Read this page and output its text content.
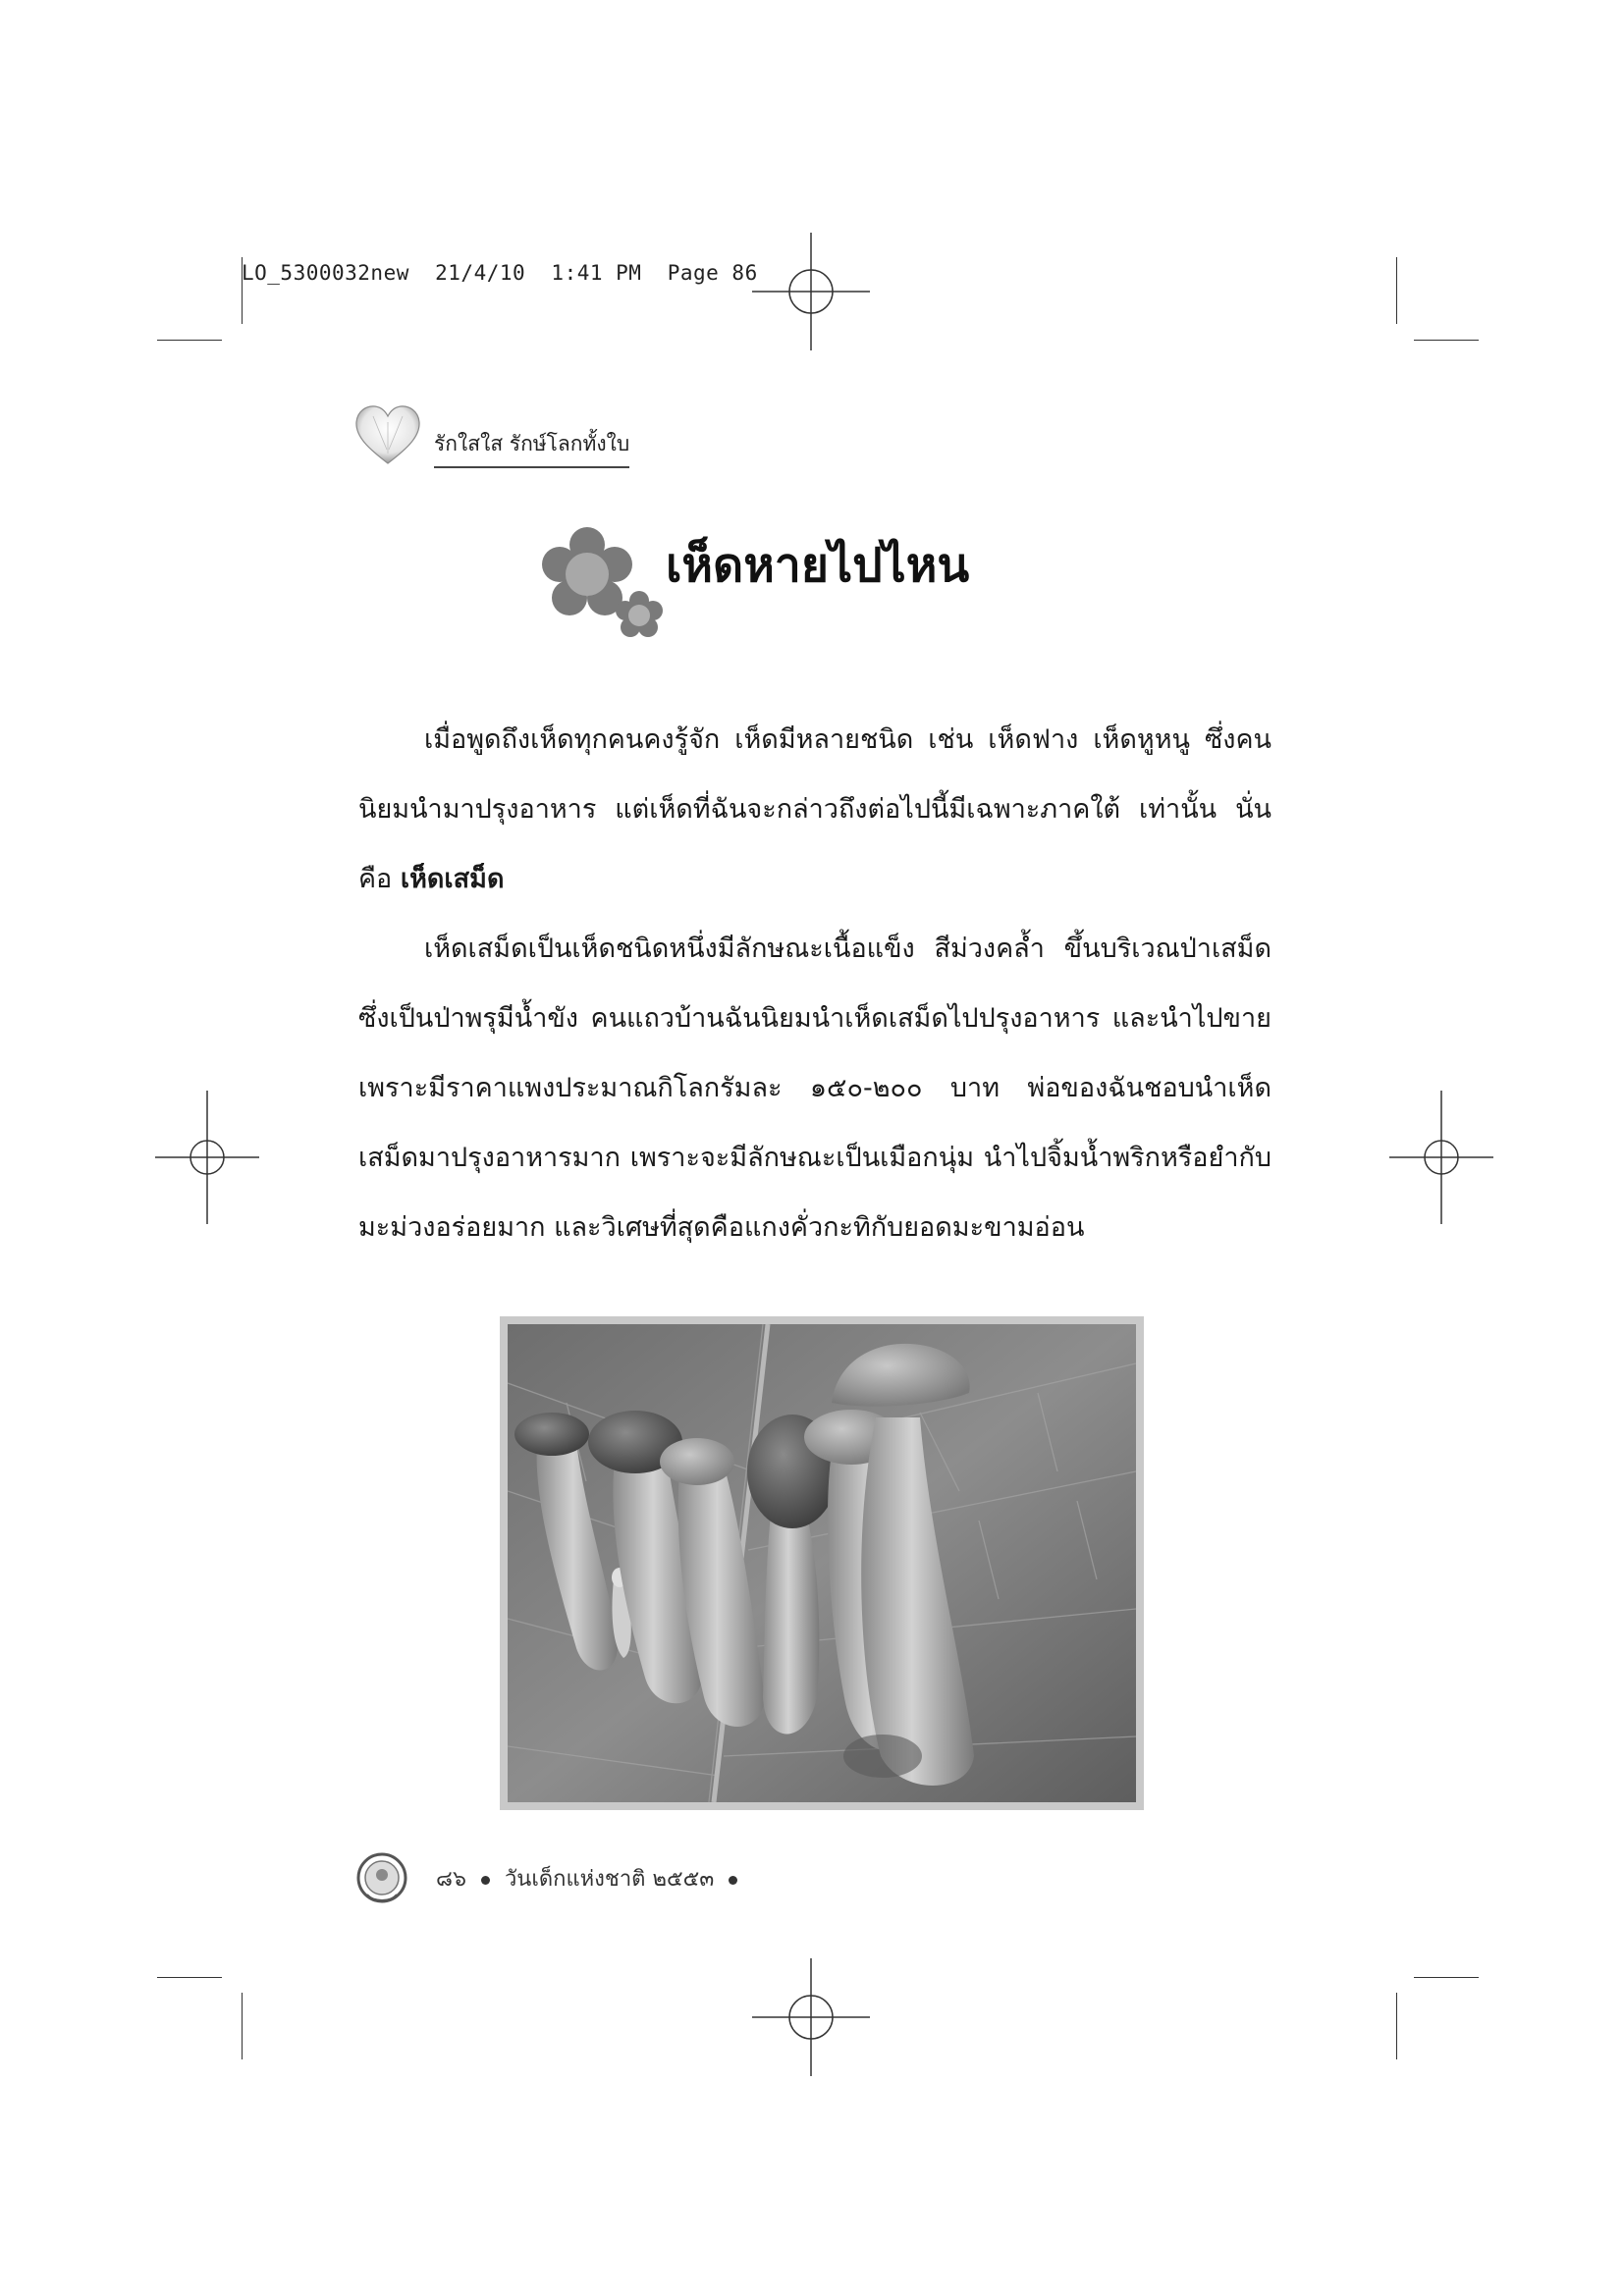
LO_5300032new  21/4/10  1:41 PM  Page 86
รักใสใส รักษ์โลกทั้งใบ
เห็ดหายไปไหน

เมื่อพูดถึงเห็ดทุกคนคงรู้จัก เห็ดมีหลายชนิด เช่น เห็ดฟาง เห็ดหูหนู ซึ่งคนนิยมนำมาปรุงอาหาร แต่เห็ดที่ฉันจะกล่าวถึงต่อไปนี้มีเฉพาะภาคใต้ เท่านั้น นั่นคือ เห็ดเสม็ด

เห็ดเสม็ดเป็นเห็ดชนิดหนึ่งมีลักษณะเนื้อแข็ง สีม่วงคล้ำ ขึ้นบริเวณป่าเสม็ด ซึ่งเป็นป่าพรุมีน้ำขัง คนแถวบ้านฉันนิยมนำเห็ดเสม็ดไปปรุงอาหาร และนำไปขายเพราะมีราคาแพงประมาณกิโลกรัมละ ๑๕๐-๒๐๐ บาท พ่อของฉันชอบนำเห็ดเสม็ดมาปรุงอาหารมาก เพราะจะมีลักษณะเป็นเมือกนุ่ม นำไปจิ้มน้ำพริกหรือยำกับมะม่วงอร่อยมาก และวิเศษที่สุดคือแกงคั่วกะทิกับยอดมะขามอ่อน

๘๖ วันเด็กแห่งชาติ ๒๕๕๓
